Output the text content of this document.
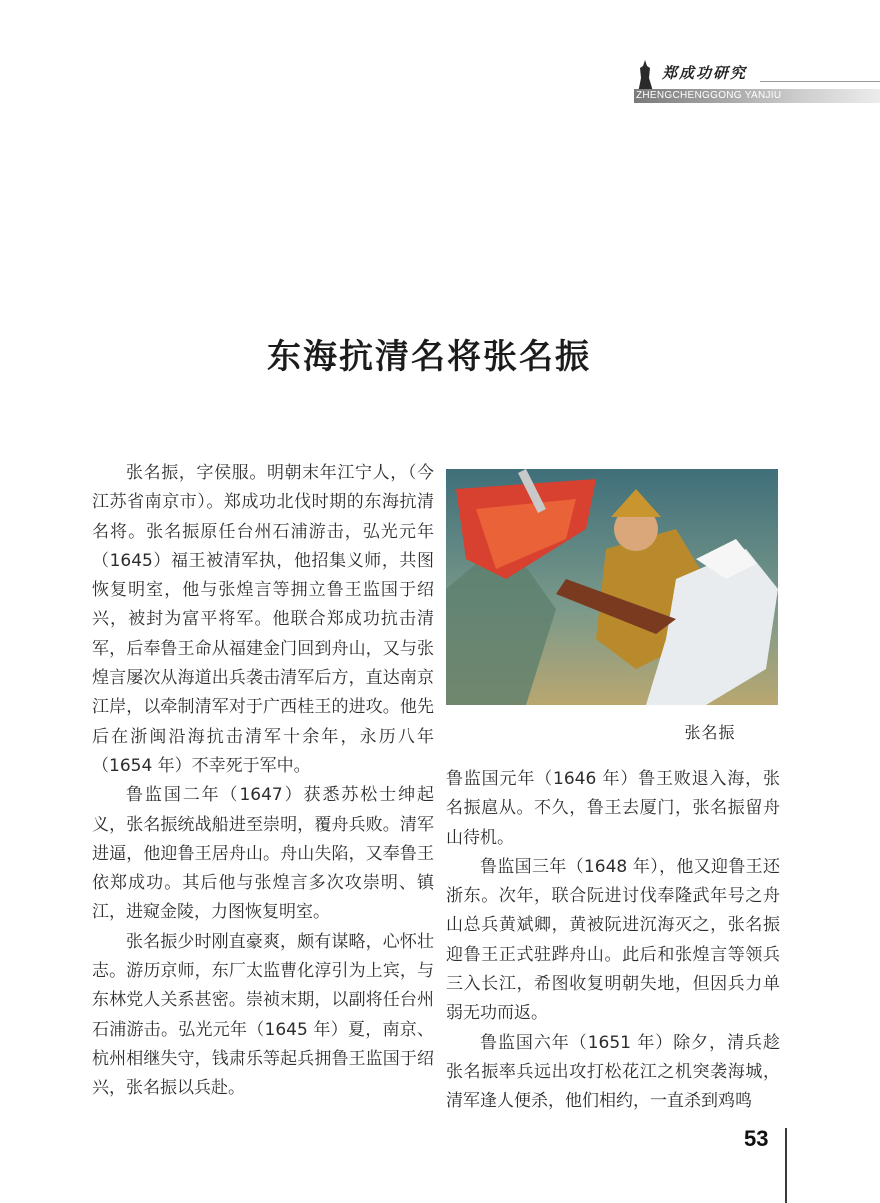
郑成功研究
ZHENGCHENGGONG YANJIU
东海抗清名将张名振

张名振，字侯服。明朝末年江宁人，（今江苏省南京市）。郑成功北伐时期的东海抗清名将。张名振原任台州石浦游击，弘光元年（1645）福王被清军执，他招集义师，共图恢复明室，他与张煌言等拥立鲁王监国于绍兴，被封为富平将军。他联合郑成功抗击清军，后奉鲁王命从福建金门回到舟山，又与张煌言屡次从海道出兵袭击清军后方，直达南京江岸，以牵制清军对于广西桂王的进攻。他先后在浙闽沿海抗击清军十余年，永历八年（1654 年）不幸死于军中。

鲁监国二年（1647）获悉苏松士绅起义，张名振统战船进至崇明，覆舟兵败。清军进逼，他迎鲁王居舟山。舟山失陷，又奉鲁王依郑成功。其后他与张煌言多次攻崇明、镇江，进窥金陵，力图恢复明室。

张名振少时刚直豪爽，颇有谋略，心怀壮志。游历京师，东厂太监曹化淳引为上宾，与东林党人关系甚密。崇祯末期，以副将任台州石浦游击。弘光元年（1645 年）夏，南京、杭州相继失守，钱肃乐等起兵拥鲁王监国于绍兴，张名振以兵赴。

张名振

鲁监国元年（1646 年）鲁王败退入海，张名振扈从。不久，鲁王去厦门，张名振留舟山待机。

鲁监国三年（1648 年），他又迎鲁王还浙东。次年，联合阮进讨伐奉隆武年号之舟山总兵黄斌卿，黄被阮进沉海灭之，张名振迎鲁王正式驻跸舟山。此后和张煌言等领兵三入长江，希图收复明朝失地，但因兵力单弱无功而返。

鲁监国六年（1651 年）除夕，清兵趁张名振率兵远出攻打松花江之机突袭海城，清军逢人便杀，他们相约，一直杀到鸡鸣

53
